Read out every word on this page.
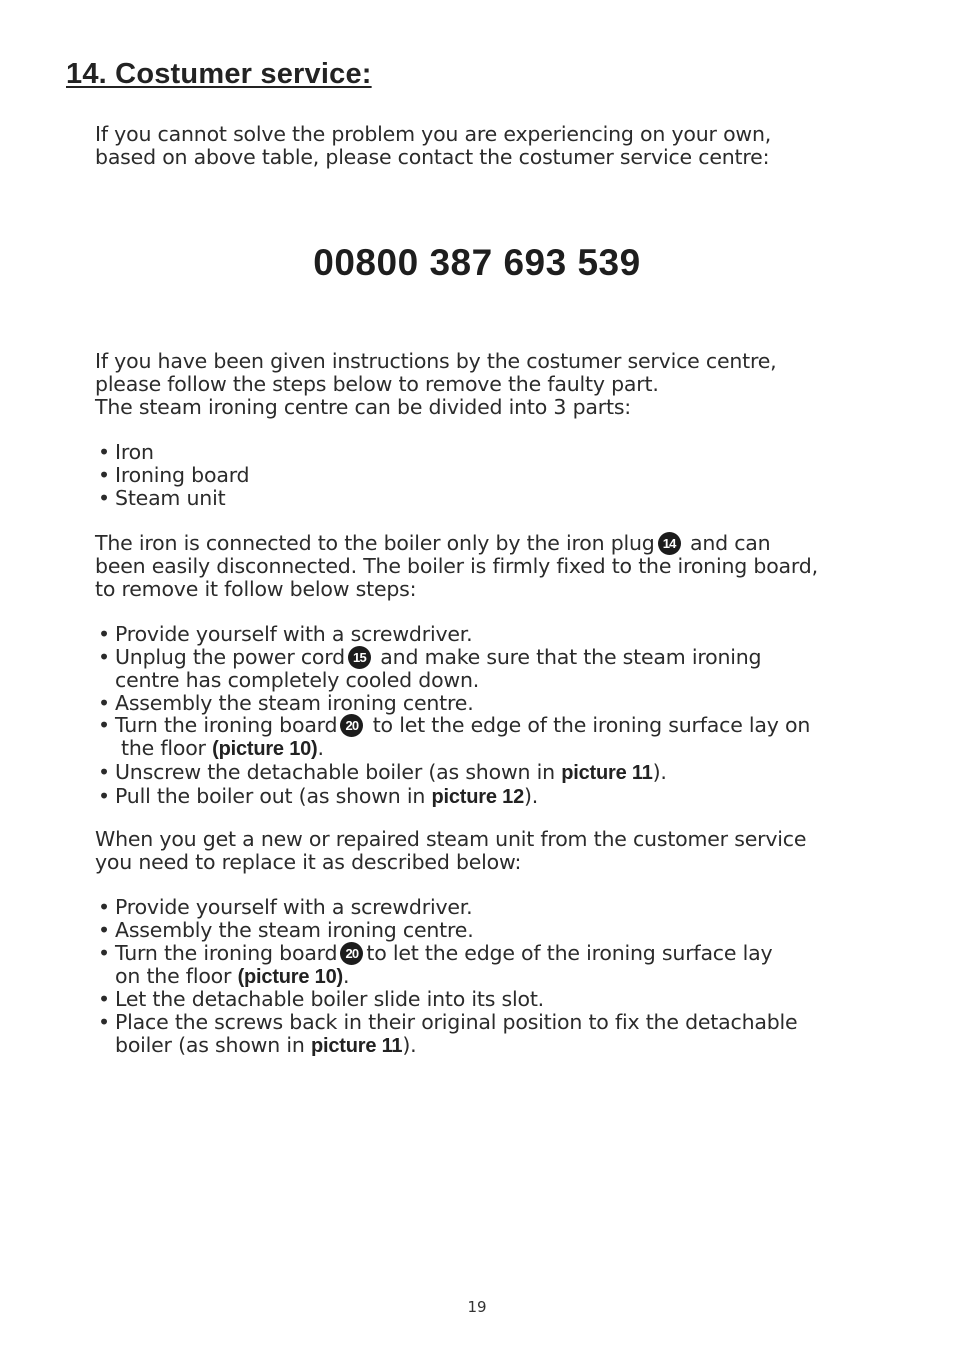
14. Costumer service:

If you cannot solve the problem you are experiencing on your own,

based on above table, please contact the costumer service centre:

00800 387 693 539

If you have been given instructions by the costumer service centre,

please follow the steps below to remove the faulty part.

The steam ironing centre can be divided into 3 parts:

• Iron
• Ironing board
• Steam unit

The iron is connected to the boiler only by the iron plug 14 and can

been easily disconnected. The boiler is firmly fixed to the ironing board,

to remove it follow below steps:

• Provide yourself with a screwdriver.
• Unplug the power cord 15 and make sure that the steam ironing
centre has completely cooled down.
• Assembly the steam ironing centre.
• Turn the ironing board 20 to let the edge of the ironing surface lay on
the floor (picture 10).
• Unscrew the detachable boiler (as shown in picture 11).
• Pull the boiler out (as shown in picture 12).

When you get a new or repaired steam unit from the customer service

you need to replace it as described below:

• Provide yourself with a screwdriver.
• Assembly the steam ironing centre.
• Turn the ironing board 20 to let the edge of the ironing surface lay
on the floor (picture 10).
• Let the detachable boiler slide into its slot.
• Place the screws back in their original position to fix the detachable
boiler (as shown in picture 11).
19
